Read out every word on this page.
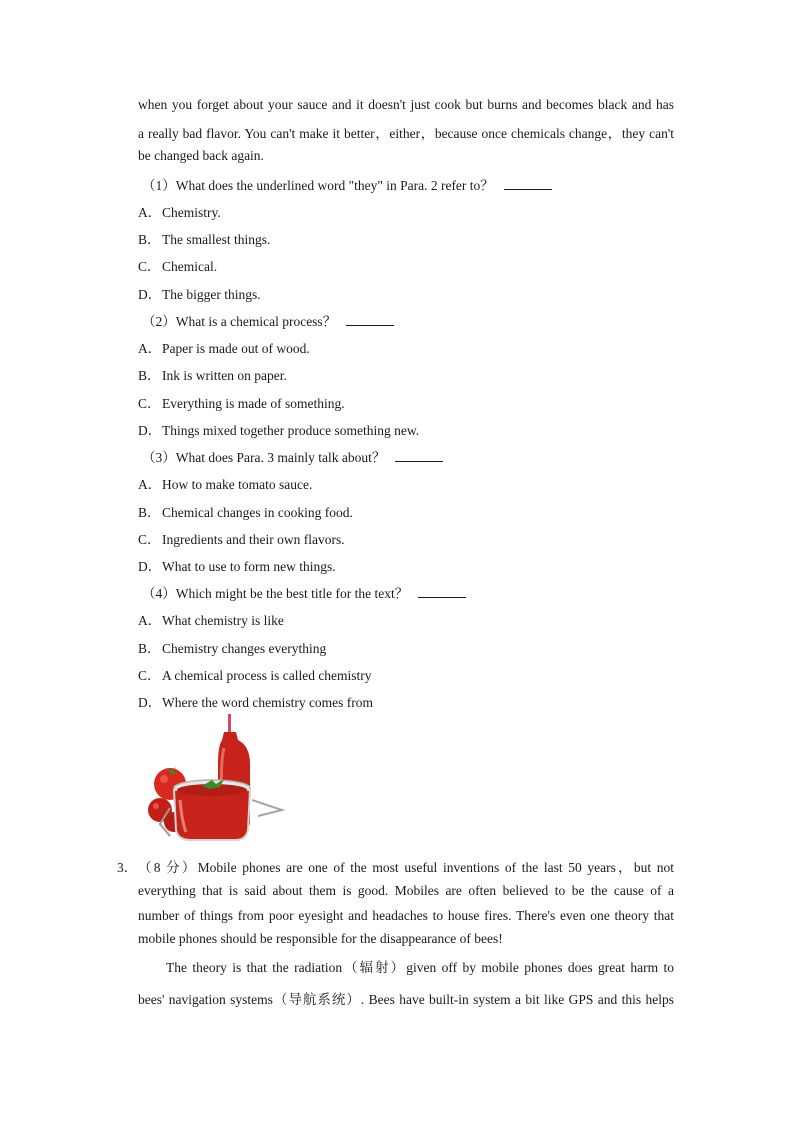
when you forget about your sauce and it doesn't just cook but burns and becomes black and has

a really bad flavor. You can't make it better，either，because once chemicals change，they can't

be changed back again.

（1）What does the underlined word "they" in Para. 2 refer to？

A．Chemistry.

B．The smallest things.

C．Chemical.

D．The bigger things.

（2）What is a chemical process？

A．Paper is made out of wood.

B．Ink is written on paper.

C．Everything is made of something.

D．Things mixed together produce something new.

（3）What does Para. 3 mainly talk about？

A．How to make tomato sauce.

B．Chemical changes in cooking food.

C．Ingredients and their own flavors.

D．What to use to form new things.

（4）Which might be the best title for the text？

A．What chemistry is like

B．Chemistry changes everything

C．A chemical process is called chemistry

D．Where the word chemistry comes from

3． （8 分）Mobile phones are one of the most useful inventions of the last 50 years，but not

everything that is said about them is good. Mobiles are often believed to be the cause of a

number of things from poor eyesight and headaches to house fires. There's even one theory that

mobile phones should be responsible for the disappearance of bees!

The theory is that the radiation（辐射）given off by mobile phones does great harm to

bees' navigation systems（导航系统）. Bees have built-in system a bit like GPS and this helps
